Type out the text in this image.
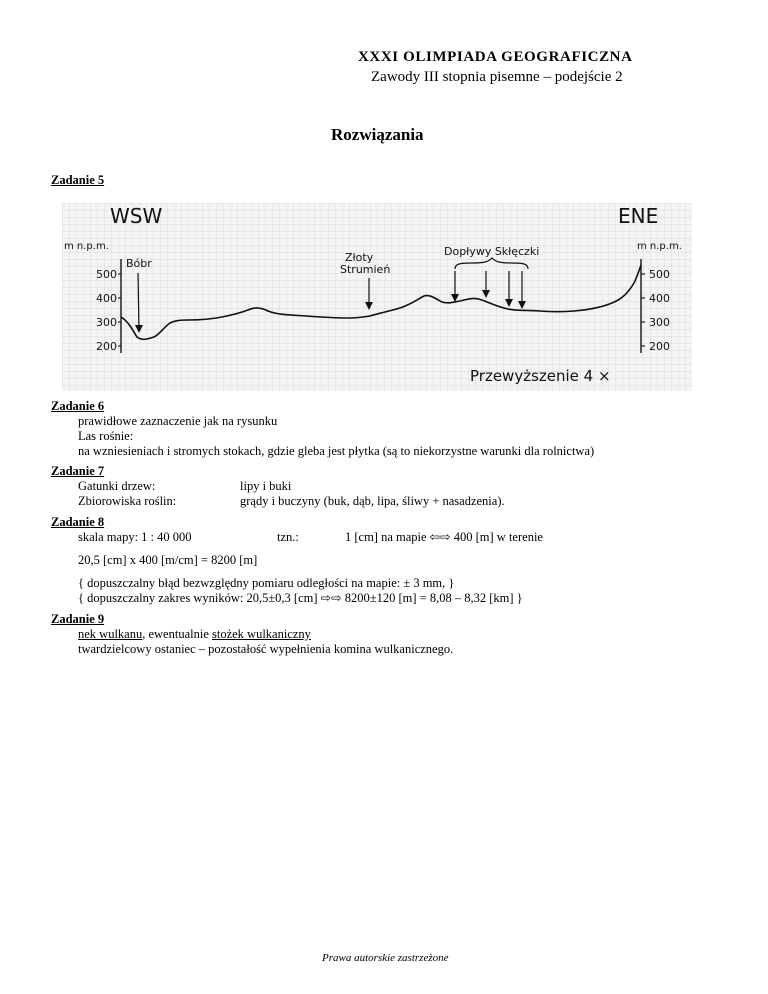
XXXI OLIMPIADA GEOGRAFICZNA
Zawody III stopnia pisemne – podejście 2
Rozwiązania
Zadanie 5
WSW	ENE
m n.p.m.
500
400
300
200
m n.p.m.
500
400
300
200
Bóbr	Złoty
Strumień
Dopływy Skłęczki
Przewyższenie 4 ×
Zadanie 6
prawidłowe zaznaczenie jak na rysunku
Las rośnie:
na wzniesieniach i stromych stokach, gdzie gleba jest płytka (są to niekorzystne warunki dla rolnictwa)
Zadanie 7
Gatunki drzew:	lipy i buki
Zbiorowiska roślin:	grądy i buczyny (buk, dąb, lipa, śliwy + nasadzenia).
Zadanie 8
skala mapy: 1 : 40 000	tzn.:	1 [cm] na mapie ⇦⇨ 400 [m] w terenie
20,5 [cm] x 400 [m/cm] = 8200 [m]
{ dopuszczalny błąd bezwzględny pomiaru odległości na mapie: ± 3 mm, }
{ dopuszczalny zakres wyników: 20,5±0,3 [cm] ⇨⇨ 8200±120 [m] = 8,08 – 8,32 [km] }
Zadanie 9
nek wulkanu, ewentualnie stożek wulkaniczny
twardzielcowy ostaniec – pozostałość wypełnienia komina wulkanicznego.
Prawa autorskie zastrzeżone
